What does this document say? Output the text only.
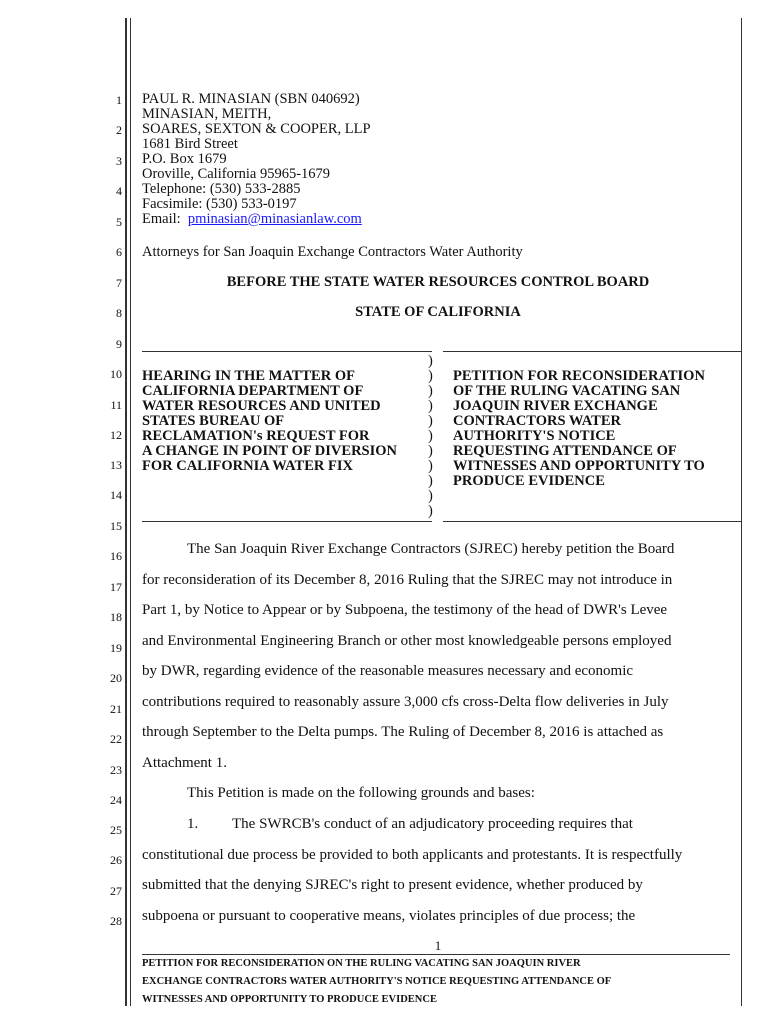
1
2
3
4
5
6
7
8
9
10
11
12
13
14
15
16
17
18
19
20
21
22
23
24
25
26
27
28
PAUL R. MINASIAN (SBN 040692)
MINASIAN, MEITH,
SOARES, SEXTON & COOPER, LLP
1681 Bird Street
P.O. Box 1679
Oroville, California 95965-1679
Telephone: (530) 533-2885
Facsimile: (530) 533-0197
Email: pminasian@minasianlaw.com
Attorneys for San Joaquin Exchange Contractors Water Authority
BEFORE THE STATE WATER RESOURCES CONTROL BOARD
STATE OF CALIFORNIA
HEARING IN THE MATTER OF
CALIFORNIA DEPARTMENT OF
WATER RESOURCES AND UNITED
STATES BUREAU OF
RECLAMATION's REQUEST FOR
A CHANGE IN POINT OF DIVERSION
FOR CALIFORNIA WATER FIX
)
)
)
)
)
)
)
)
)
)
)
PETITION FOR RECONSIDERATION
OF THE RULING VACATING SAN
JOAQUIN RIVER EXCHANGE
CONTRACTORS WATER
AUTHORITY'S NOTICE
REQUESTING ATTENDANCE OF
WITNESSES AND OPPORTUNITY TO
PRODUCE EVIDENCE
The San Joaquin River Exchange Contractors (SJREC) hereby petition the Board
for reconsideration of its December 8, 2016 Ruling that the SJREC may not introduce in
Part 1, by Notice to Appear or by Subpoena, the testimony of the head of DWR's Levee
and Environmental Engineering Branch or other most knowledgeable persons employed
by DWR, regarding evidence of the reasonable measures necessary and economic
contributions required to reasonably assure 3,000 cfs cross-Delta flow deliveries in July
through September to the Delta pumps. The Ruling of December 8, 2016 is attached as
Attachment 1.
This Petition is made on the following grounds and bases:
1. The SWRCB's conduct of an adjudicatory proceeding requires that
constitutional due process be provided to both applicants and protestants. It is respectfully
submitted that the denying SJREC's right to present evidence, whether produced by
subpoena or pursuant to cooperative means, violates principles of due process; the
1
PETITION FOR RECONSIDERATION ON THE RULING VACATING SAN JOAQUIN RIVER
EXCHANGE CONTRACTORS WATER AUTHORITY'S NOTICE REQUESTING ATTENDANCE OF
WITNESSES AND OPPORTUNITY TO PRODUCE EVIDENCE
